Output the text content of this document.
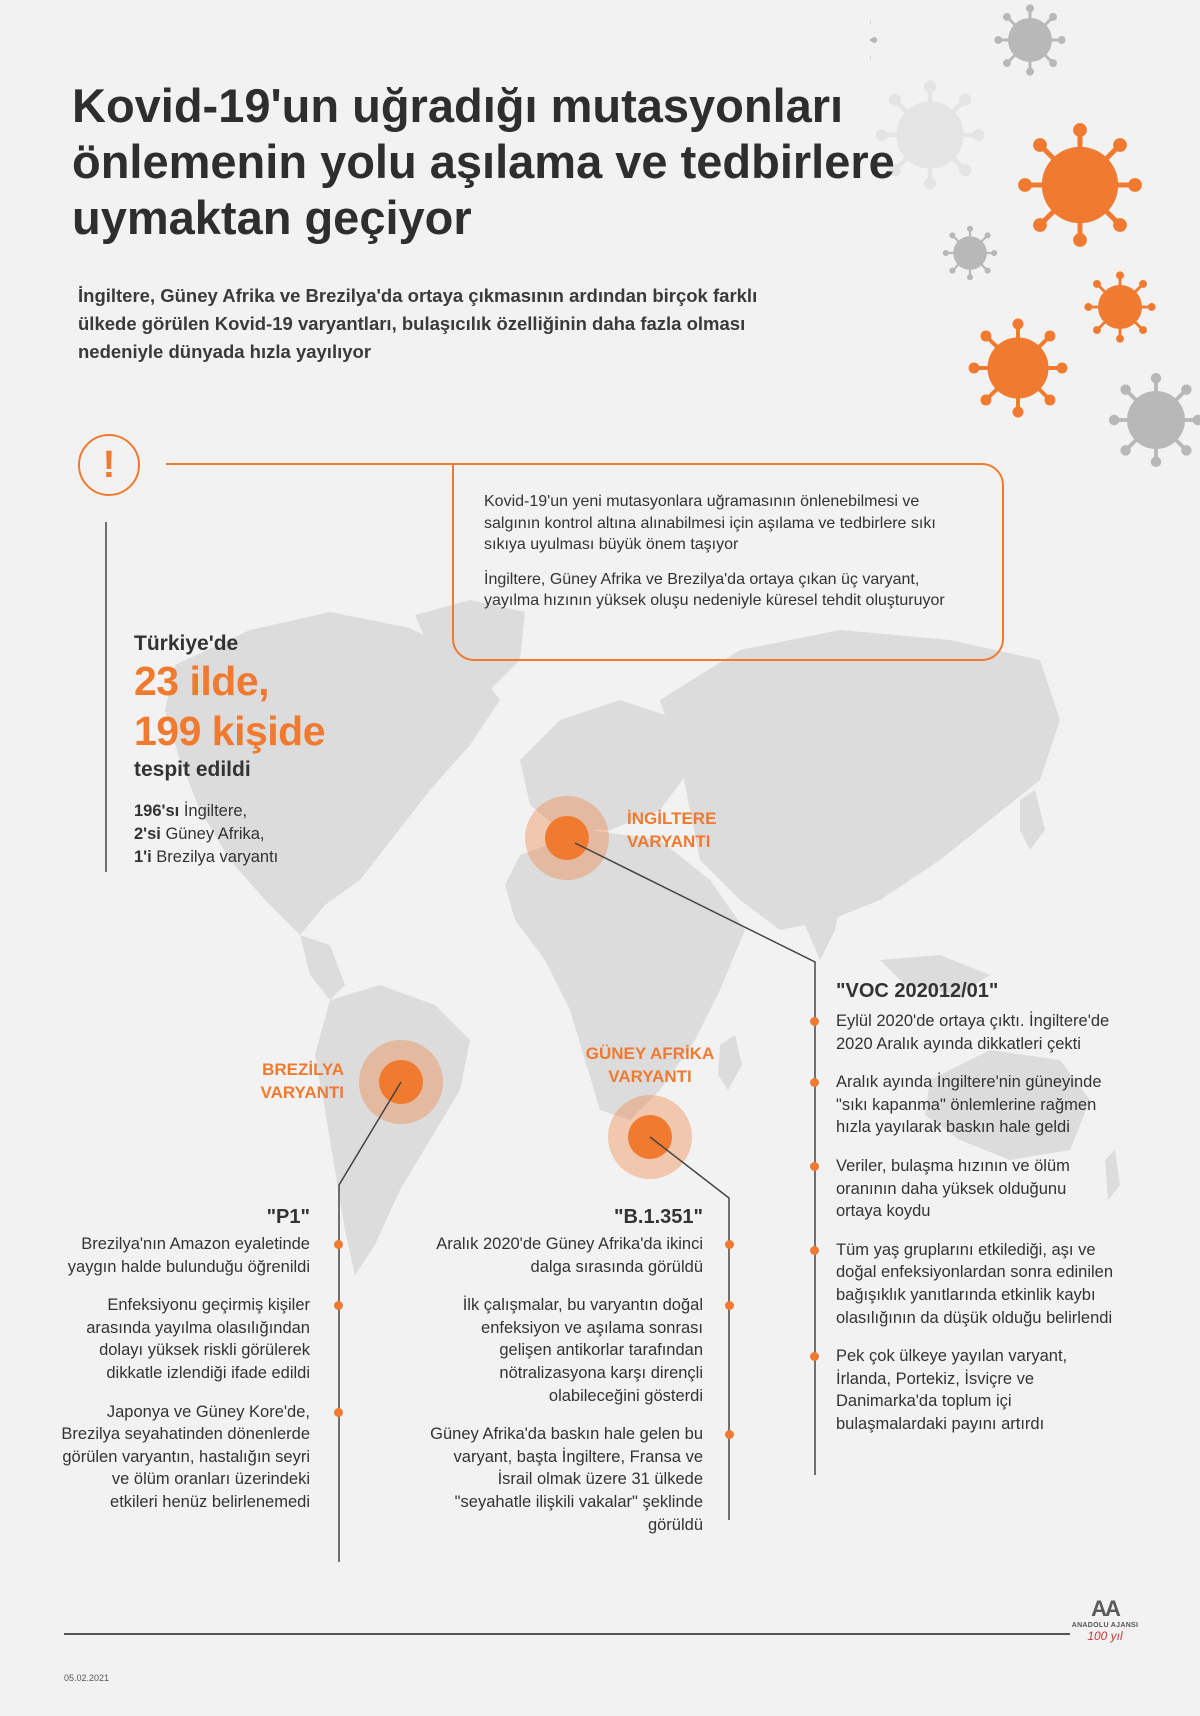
Kovid-19'un uğradığı mutasyonları önlemenin yolu aşılama ve tedbirlere uymaktan geçiyor

İngiltere, Güney Afrika ve Brezilya'da ortaya çıkmasının ardından birçok farklı ülkede görülen Kovid-19 varyantları, bulaşıcılık özelliğinin daha fazla olması nedeniyle dünyada hızla yayılıyor

!

Kovid-19'un yeni mutasyonlara uğramasının önlenebilmesi ve salgının kontrol altına alınabilmesi için aşılama ve tedbirlere sıkı sıkıya uyulması büyük önem taşıyor

İngiltere, Güney Afrika ve Brezilya'da ortaya çıkan üç varyant, yayılma hızının yüksek oluşu nedeniyle küresel tehdit oluşturuyor

Türkiye'de
23 ilde,
199 kişide
tespit edildi
196'sı İngiltere,
2'si Güney Afrika,
1'i Brezilya varyantı
İNGİLTERE
VARYANTI
BREZİLYA
VARYANTI
GÜNEY AFRİKA
VARYANTI
"VOC 202012/01"
Eylül 2020'de ortaya çıktı. İngiltere'de 2020 Aralık ayında dikkatleri çekti
Aralık ayında İngiltere'nin güneyinde "sıkı kapanma" önlemlerine rağmen hızla yayılarak baskın hale geldi
Veriler, bulaşma hızının ve ölüm oranının daha yüksek olduğunu ortaya koydu
Tüm yaş gruplarını etkilediği, aşı ve doğal enfeksiyonlardan sonra edinilen bağışıklık yanıtlarında etkinlik kaybı olasılığının da düşük olduğu belirlendi
Pek çok ülkeye yayılan varyant, İrlanda, Portekiz, İsviçre ve Danimarka'da toplum içi bulaşmalardaki payını artırdı
"P1"
Brezilya'nın Amazon eyaletinde yaygın halde bulunduğu öğrenildi
Enfeksiyonu geçirmiş kişiler arasında yayılma olasılığından dolayı yüksek riskli görülerek dikkatle izlendiği ifade edildi
Japonya ve Güney Kore'de, Brezilya seyahatinden dönenlerde görülen varyantın, hastalığın seyri ve ölüm oranları üzerindeki etkileri henüz belirlenemedi
"B.1.351"
Aralık 2020'de Güney Afrika'da ikinci dalga sırasında görüldü
İlk çalışmalar, bu varyantın doğal enfeksiyon ve aşılama sonrası gelişen antikorlar tarafından nötralizasyona karşı dirençli olabileceğini gösterdi
Güney Afrika'da baskın hale gelen bu varyant, başta İngiltere, Fransa ve İsrail olmak üzere 31 ülkede "seyahatle ilişkili vakalar" şeklinde görüldü
05.02.2021
AA
ANADOLU AJANSI
100 yıl
